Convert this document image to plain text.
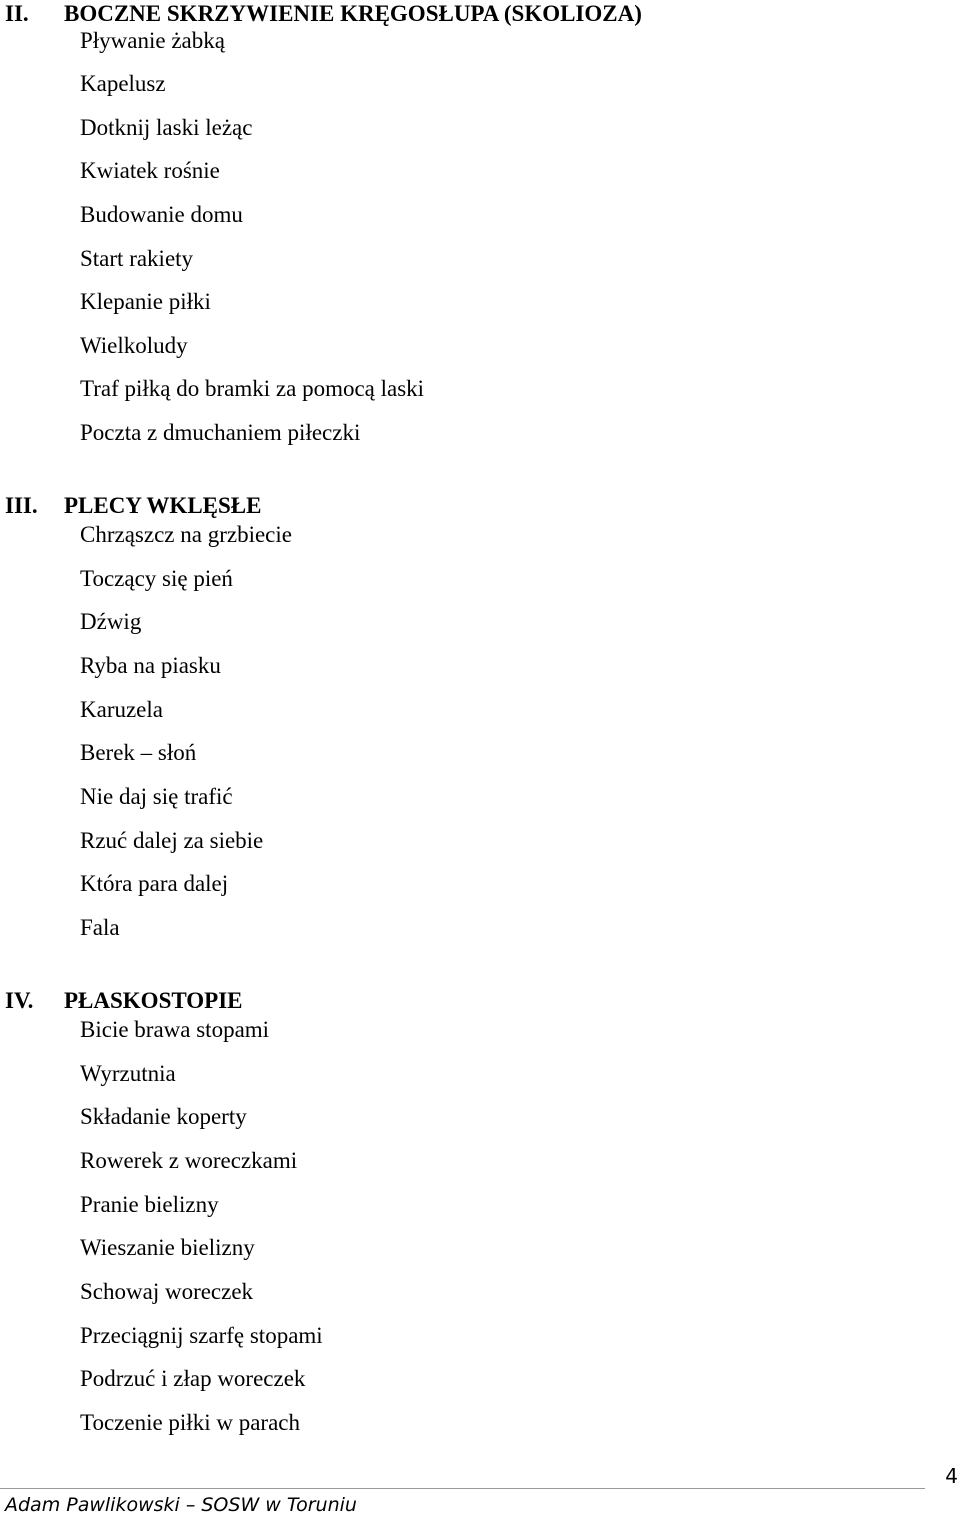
II. BOCZNE SKRZYWIENIE KRĘGOSŁUPA (SKOLIOZA)
Pływanie żabką
Kapelusz
Dotknij laski leżąc
Kwiatek rośnie
Budowanie domu
Start rakiety
Klepanie piłki
Wielkoludy
Traf piłką do bramki za pomocą laski
Poczta z dmuchaniem piłeczki
III. PLECY WKLĘSŁE
Chrząszcz na grzbiecie
Toczący się pień
Dźwig
Ryba na piasku
Karuzela
Berek – słoń
Nie daj się trafić
Rzuć dalej za siebie
Która para dalej
Fala
IV. PŁASKOSTOPIE
Bicie brawa stopami
Wyrzutnia
Składanie koperty
Rowerek z woreczkami
Pranie bielizny
Wieszanie bielizny
Schowaj woreczek
Przeciągnij szarfę stopami
Podrzuć i złap woreczek
Toczenie piłki w parach
4
Adam Pawlikowski – SOSW w Toruniu
